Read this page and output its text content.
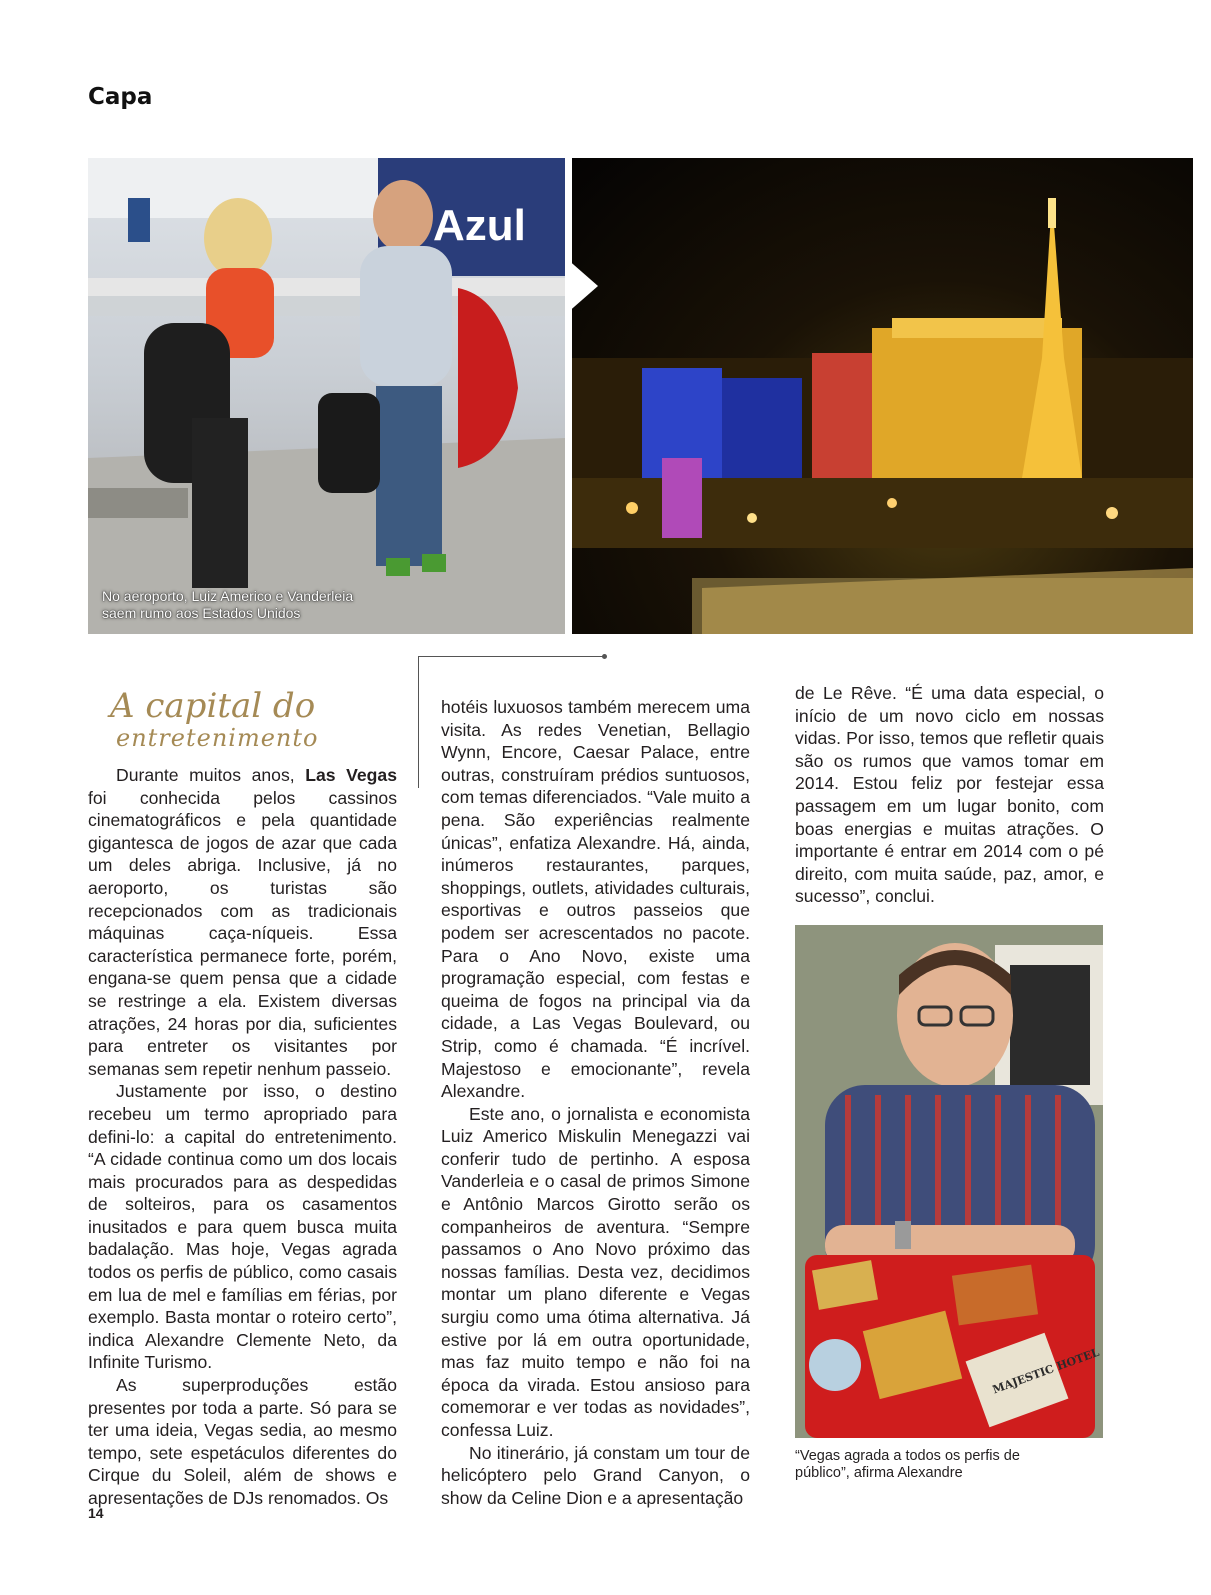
Capa
Azul
No aeroporto, Luiz Americo e Vanderleia
saem rumo aos Estados Unidos
A capital do
entretenimento

Durante muitos anos, Las Vegas foi conhecida pelos cassinos cinematográficos e pela quantidade gigantesca de jogos de azar que cada um deles abriga. Inclusive, já no aeroporto, os turistas são recepcionados com as tradicionais máquinas caça-níqueis. Essa característica permanece forte, porém, engana-se quem pensa que a cidade se restringe a ela. Existem diversas atrações, 24 horas por dia, suficientes para entreter os visitantes por semanas sem repetir nenhum passeio.

Justamente por isso, o destino recebeu um termo apropriado para defini-lo: a capital do entretenimento. “A cidade continua como um dos locais mais procurados para as despedidas de solteiros, para os casamentos inusitados e para quem busca muita badalação. Mas hoje, Vegas agrada todos os perfis de público, como casais em lua de mel e famílias em férias, por exemplo. Basta montar o roteiro certo”, indica Alexandre Clemente Neto, da Infinite Turismo.

As superproduções estão presentes por toda a parte. Só para se ter uma ideia, Vegas sedia, ao mesmo tempo, sete espetáculos diferentes do Cirque du Soleil, além de shows e apresentações de DJs renomados. Os

hotéis luxuosos também merecem uma visita. As redes Venetian, Bellagio Wynn, Encore, Caesar Palace, entre outras, construíram prédios suntuosos, com temas diferenciados. “Vale muito a pena. São experiências realmente únicas”, enfatiza Alexandre. Há, ainda, inúmeros restaurantes, parques, shoppings, outlets, atividades culturais, esportivas e outros passeios que podem ser acrescentados no pacote. Para o Ano Novo, existe uma programação especial, com festas e queima de fogos na principal via da cidade, a Las Vegas Boulevard, ou Strip, como é chamada. “É incrível. Majestoso e emocionante”, revela Alexandre.

Este ano, o jornalista e economista Luiz Americo Miskulin Menegazzi vai conferir tudo de pertinho. A esposa Vanderleia e o casal de primos Simone e Antônio Marcos Girotto serão os companheiros de aventura. “Sempre passamos o Ano Novo próximo das nossas famílias. Desta vez, decidimos montar um plano diferente e Vegas surgiu como uma ótima alternativa. Já estive por lá em outra oportunidade, mas faz muito tempo e não foi na época da virada. Estou ansioso para comemorar e ver todas as novidades”, confessa Luiz.

No itinerário, já constam um tour de helicóptero pelo Grand Canyon, o show da Celine Dion e a apresentação

de Le Rêve. “É uma data especial, o início de um novo ciclo em nossas vidas. Por isso, temos que refletir quais são os rumos que vamos tomar em 2014. Estou feliz por festejar essa passagem em um lugar bonito, com boas energias e muitas atrações. O importante é entrar em 2014 com o pé direito, com muita saúde, paz, amor, e sucesso”, conclui.

MAJESTIC HOTEL
“Vegas agrada a todos os perfis de
público”, afirma Alexandre
14
